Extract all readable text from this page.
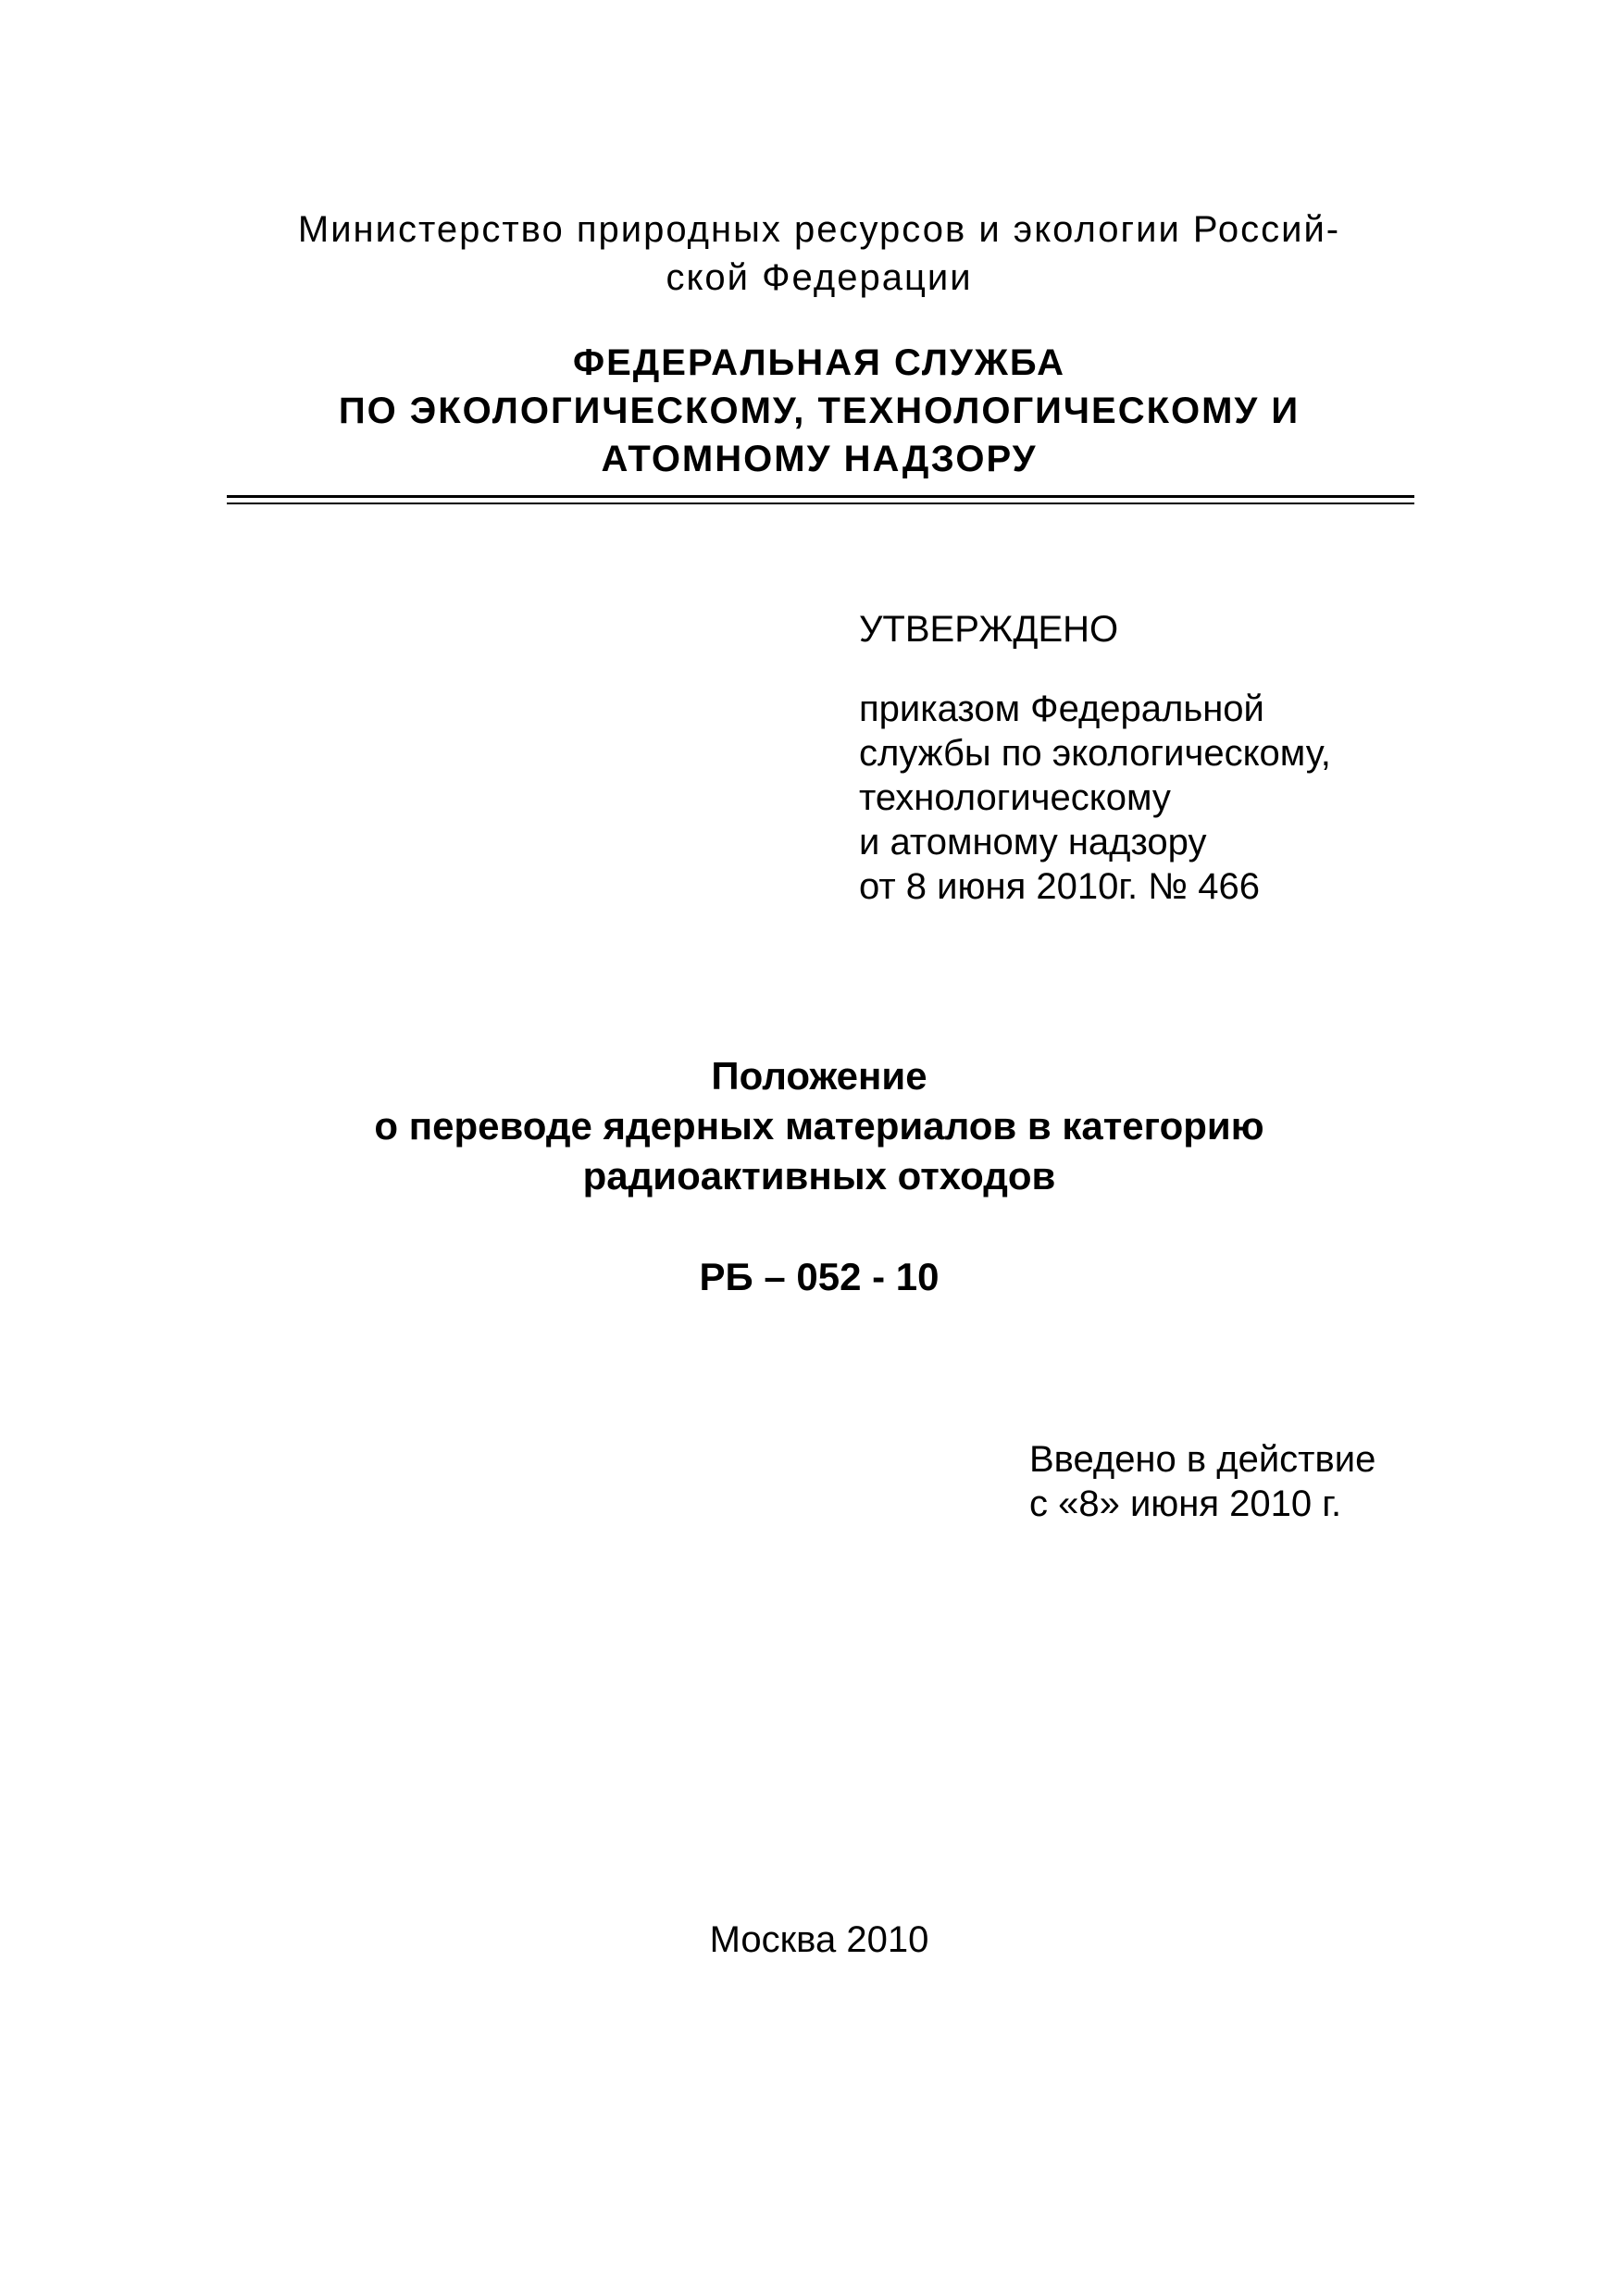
Министерство природных ресурсов и экологии Россий-
ской Федерации
ФЕДЕРАЛЬНАЯ СЛУЖБА
ПО ЭКОЛОГИЧЕСКОМУ, ТЕХНОЛОГИЧЕСКОМУ И
АТОМНОМУ НАДЗОРУ
УТВЕРЖДЕНО
приказом Федеральной
службы по экологическому,
технологическому
и атомному надзору
от 8 июня 2010г. № 466
Положение
о переводе ядерных материалов в категорию
радиоактивных отходов
РБ – 052 - 10
Введено в действие
с «8» июня 2010 г.
Москва 2010
